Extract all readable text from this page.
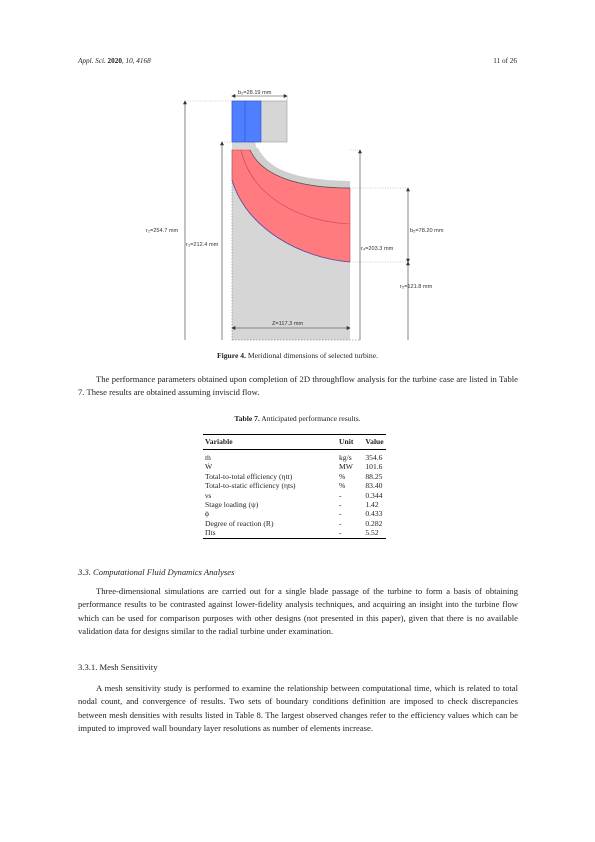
Appl. Sci. 2020, 10, 4168	11 of 26
b₂=28.19 mm
r₂=254.7 mm
r₃=212.4 mm
b₅=78.20 mm
r₄=203.3 mm
r₅=121.8 mm
Z=117.3 mm
Figure 4. Meridional dimensions of selected turbine.

The performance parameters obtained upon completion of 2D throughflow analysis for the turbine case are listed in Table 7. These results are obtained assuming inviscid flow.

Table 7. Anticipated performance results.
Variable	Unit	Value
ṁ	kg/s	354.6
Ẇ	MW	101.6
Total-to-total efficiency (ηtt)	%	88.25
Total-to-static efficiency (ηts)	%	83.40
νs	-	0.344
Stage loading (ψ)	-	1.42
ϕ	-	0.433
Degree of reaction (R)	-	0.282
Πts	-	5.52
3.3. Computational Fluid Dynamics Analyses

Three-dimensional simulations are carried out for a single blade passage of the turbine to form a basis of obtaining performance results to be contrasted against lower-fidelity analysis techniques, and acquiring an insight into the turbine flow which can be used for comparison purposes with other designs (not presented in this paper), given that there is no available validation data for designs similar to the radial turbine under examination.

3.3.1. Mesh Sensitivity

A mesh sensitivity study is performed to examine the relationship between computational time, which is related to total nodal count, and convergence of results. Two sets of boundary conditions definition are imposed to check discrepancies between mesh densities with results listed in Table 8. The largest observed changes refer to the efficiency values which can be imputed to improved wall boundary layer resolutions as number of elements increase.
